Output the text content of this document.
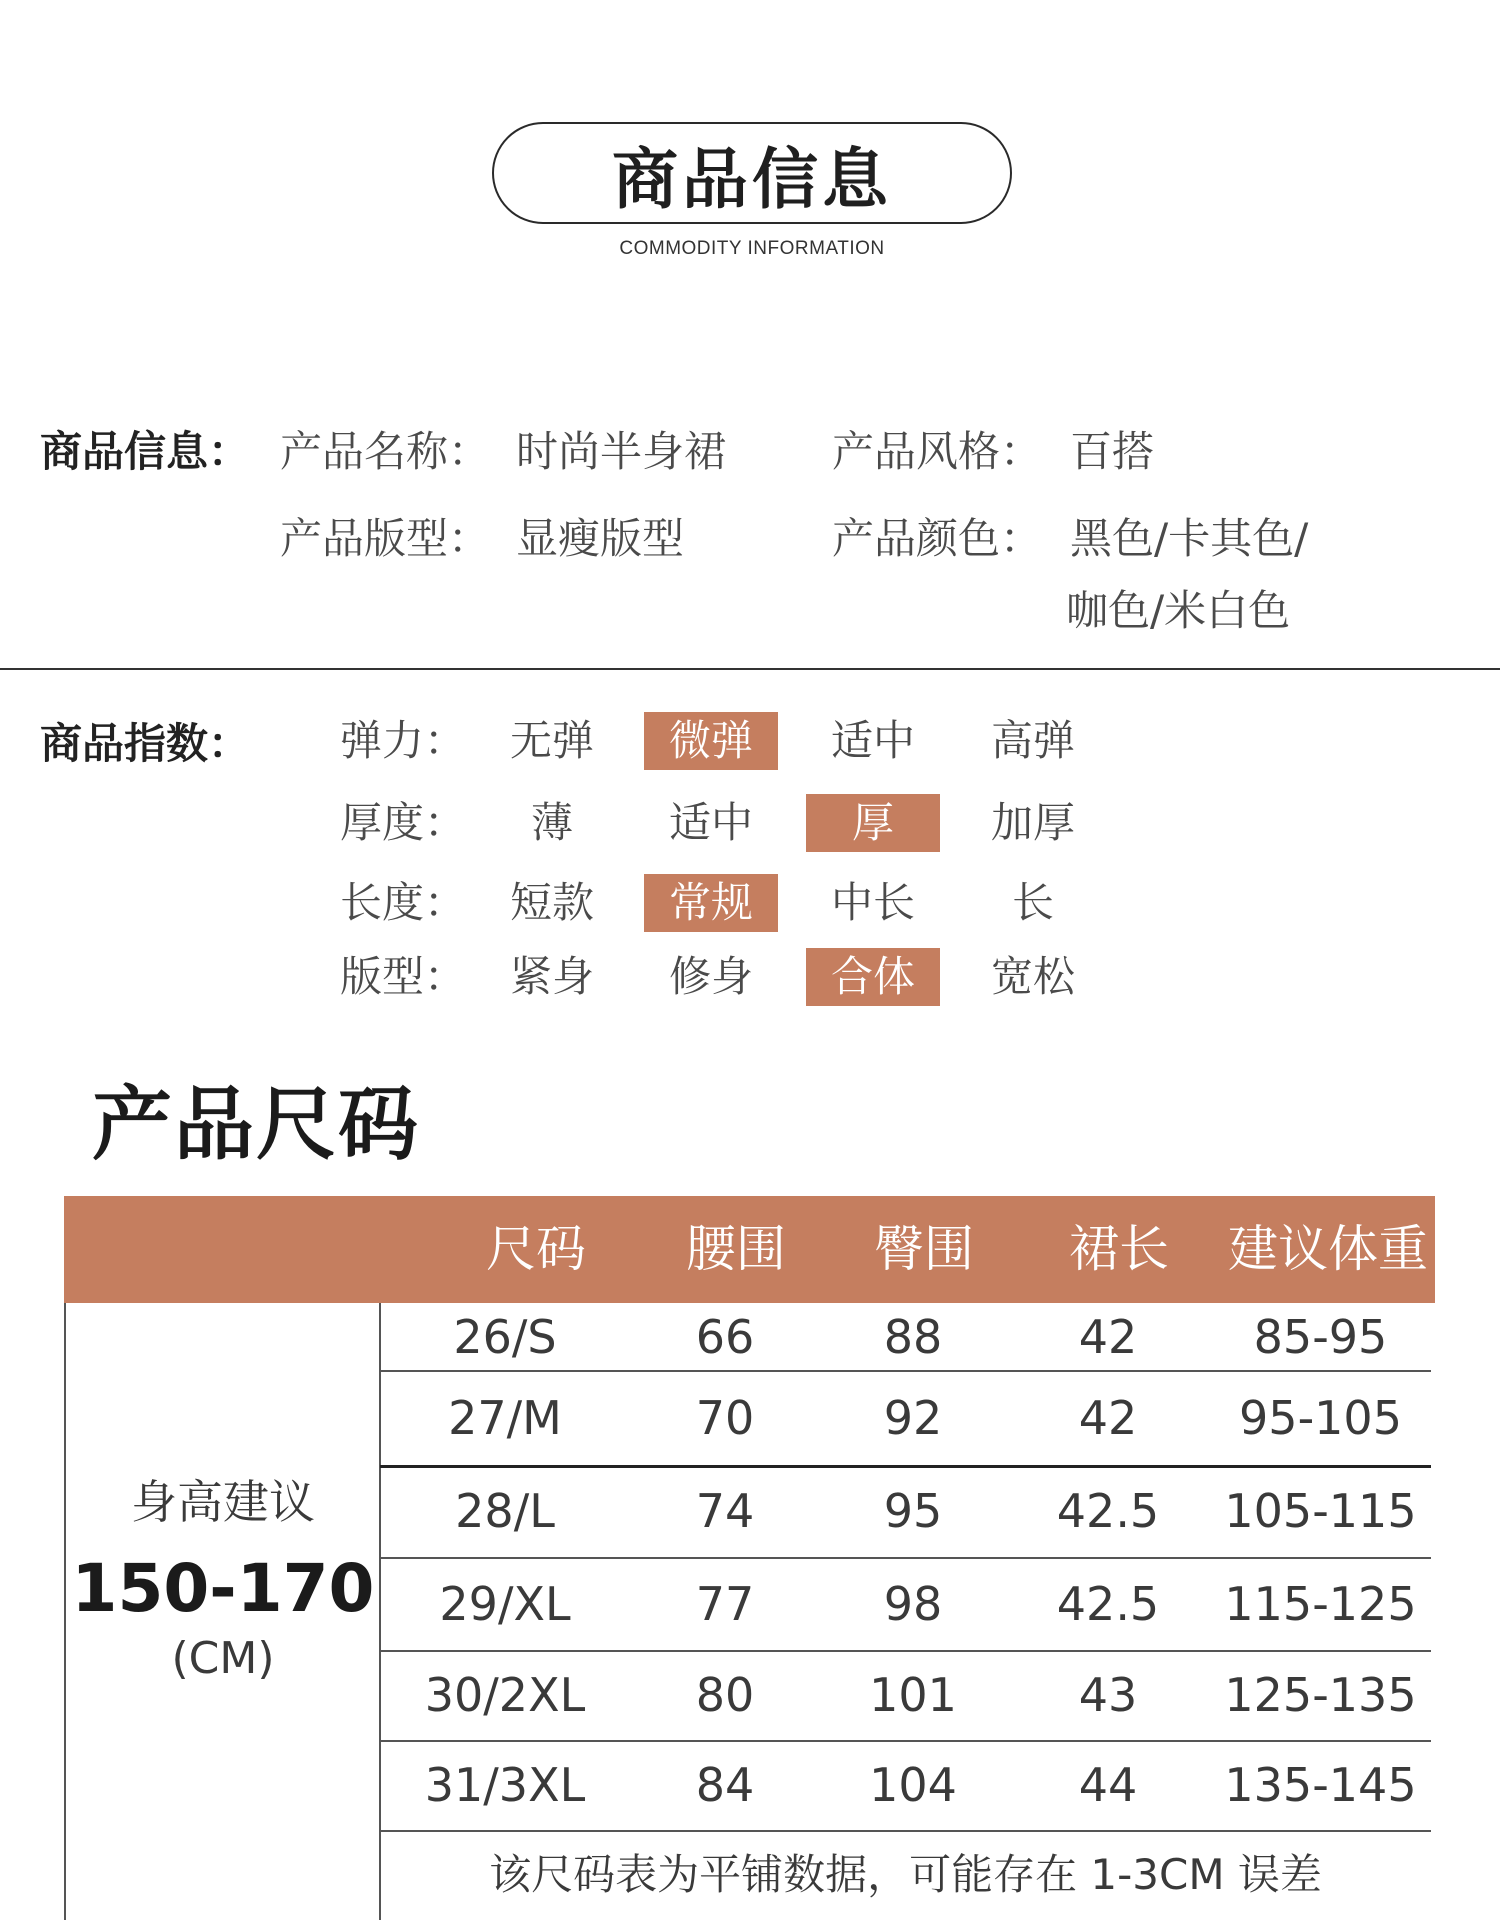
商品信息
COMMODITY INFORMATION
商品信息： 产品名称： 时尚半身裙	产品风格： 百搭
产品版型： 显瘦版型	产品颜色： 黑色/卡其色/
咖色/米白色
商品指数： 弹力：	无弹	微弹	适中	高弹
厚度：	薄	适中	厚	加厚
长度：	短款	常规	中长	长
版型：	紧身	修身	合体	宽松
产品尺码
尺码	腰围	臀围	裙长	建议体重
26/S	66	88	42	85-95
27/M	70	92	42	95-105
28/L	74	95	42.5	105-115
29/XL	77	98	42.5	115-125
30/2XL	80	101	43	125-135
31/3XL	84	104	44	135-145
身高建议
150-170
(CM)
该尺码表为平铺数据，可能存在 1-3CM 误差
